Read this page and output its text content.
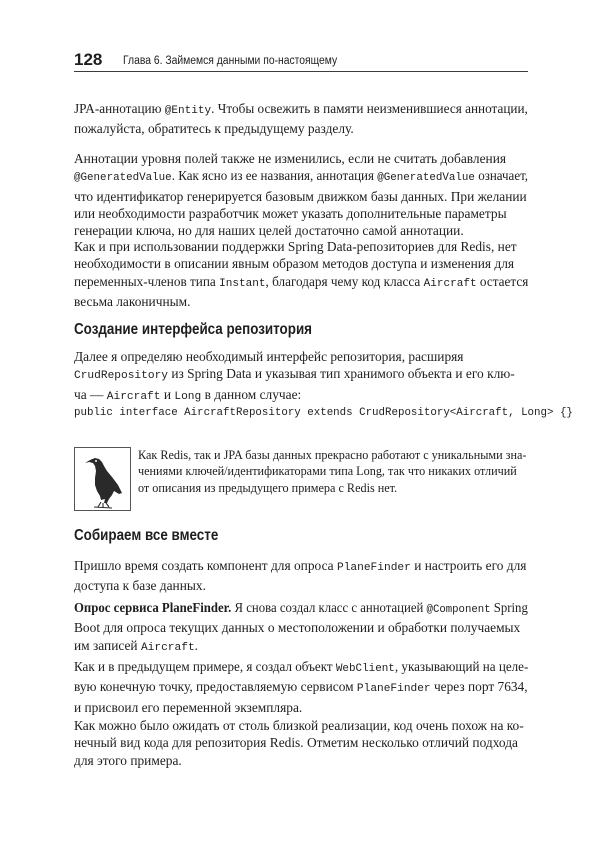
128 Глава 6. Займемся данными по-настоящему
JPA-аннотацию @Entity. Чтобы освежить в памяти неизменившиеся аннотации,
пожалуйста, обратитесь к предыдущему разделу.
Аннотации уровня полей также не изменились, если не считать добавления
@GeneratedValue. Как ясно из ее названия, аннотация @GeneratedValue означает,
что идентификатор генерируется базовым движком базы данных. При желании
или необходимости разработчик может указать дополнительные параметры
генерации ключа, но для наших целей достаточно самой аннотации.
Как и при использовании поддержки Spring Data-репозиториев для Redis, нет
необходимости в описании явным образом методов доступа и изменения для
переменных-членов типа Instant, благодаря чему код класса Aircraft остается
весьма лаконичным.
Создание интерфейса репозитория
Далее я определяю необходимый интерфейс репозитория, расширяя
CrudRepository из Spring Data и указывая тип хранимого объекта и его клю-
ча — Aircraft и Long в данном случае:
public interface AircraftRepository extends CrudRepository<Aircraft, Long> {}
Как Redis, так и JPA базы данных прекрасно работают с уникальными зна-
чениями ключей/идентификаторами типа Long, так что никаких отличий
от описания из предыдущего примера с Redis нет.
Собираем все вместе
Пришло время создать компонент для опроса PlaneFinder и настроить его для
доступа к базе данных.
Опрос сервиса PlaneFinder. Я снова создал класс с аннотацией @Component Spring
Boot для опроса текущих данных о местоположении и обработки получаемых
им записей Aircraft.
Как и в предыдущем примере, я создал объект WebClient, указывающий на целе-
вую конечную точку, предоставляемую сервисом PlaneFinder через порт 7634,
и присвоил его переменной экземпляра.
Как можно было ожидать от столь близкой реализации, код очень похож на ко-
нечный вид кода для репозитория Redis. Отметим несколько отличий подхода
для этого примера.
